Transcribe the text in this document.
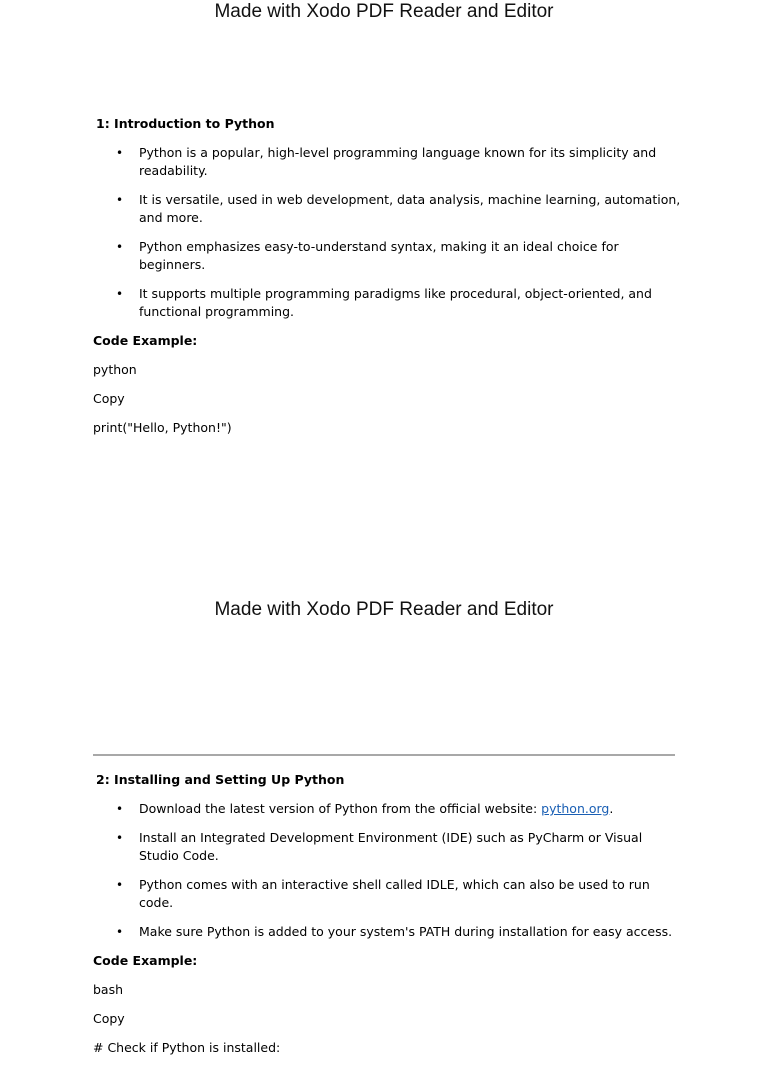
Made with Xodo PDF Reader and Editor
1: Introduction to Python
• Python is a popular, high-level programming language known for its simplicity and readability.
• It is versatile, used in web development, data analysis, machine learning, automation, and more.
• Python emphasizes easy-to-understand syntax, making it an ideal choice for beginners.
• It supports multiple programming paradigms like procedural, object-oriented, and functional programming.
Code Example:
python
Copy
print("Hello, Python!")
Made with Xodo PDF Reader and Editor
2: Installing and Setting Up Python
• Download the latest version of Python from the official website: python.org.
• Install an Integrated Development Environment (IDE) such as PyCharm or Visual Studio Code.
• Python comes with an interactive shell called IDLE, which can also be used to run code.
• Make sure Python is added to your system's PATH during installation for easy access.
Code Example:
bash
Copy
# Check if Python is installed:
